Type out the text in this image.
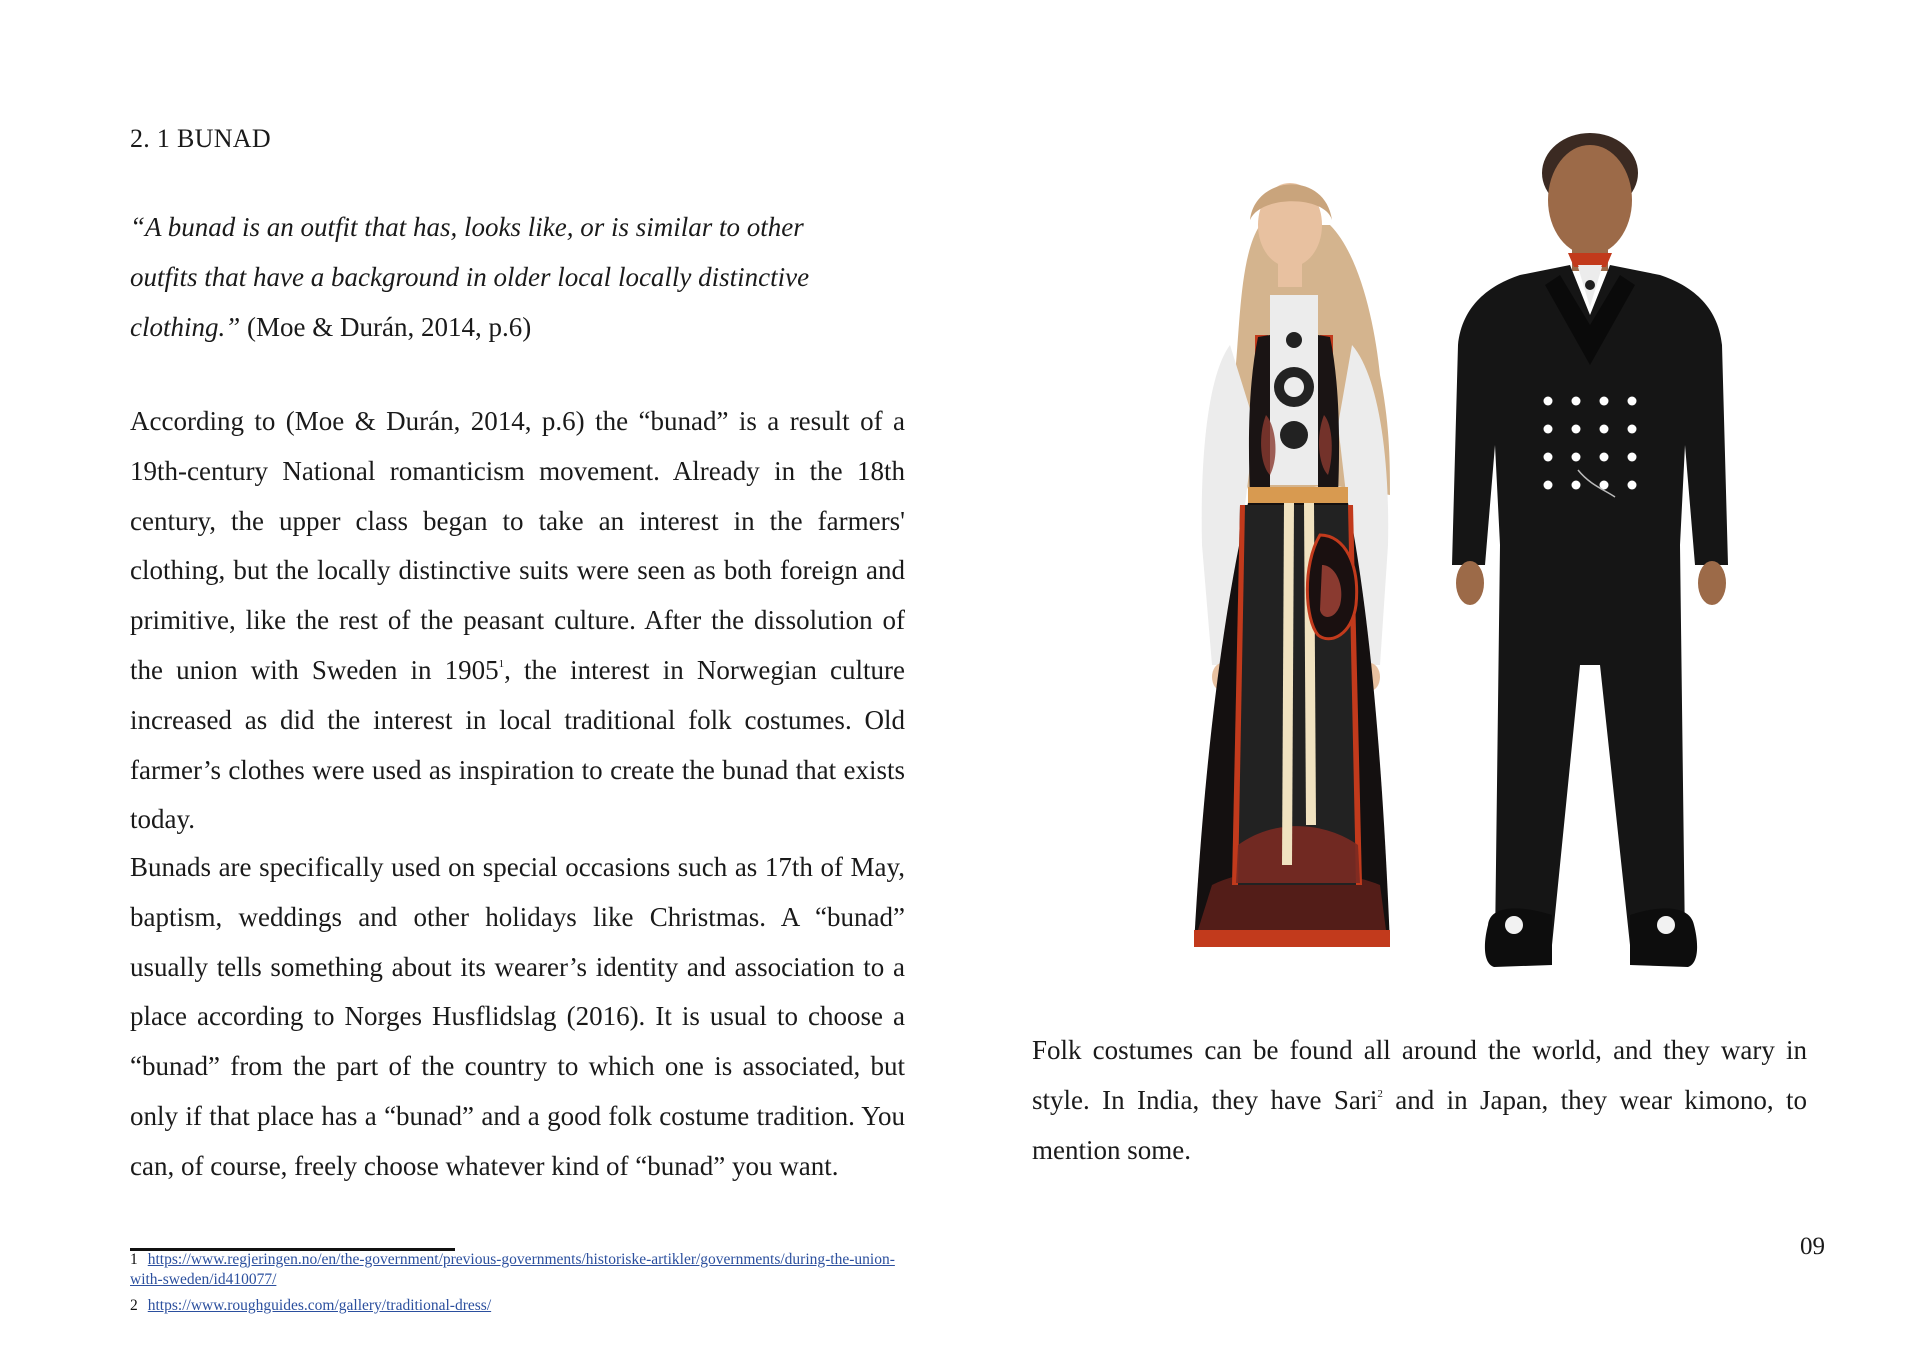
2. 1 BUNAD
“A bunad is an outfit that has, looks like, or is similar to other outfits that have a background in older local locally distinctive clothing.” (Moe & Durán, 2014, p.6)
According to (Moe & Durán, 2014, p.6) the “bunad” is a result of a 19th-century National romanticism movement. Already in the 18th century, the upper class began to take an interest in the farmers' clothing, but the locally distinctive suits were seen as both foreign and primitive, like the rest of the peasant culture. After the dissolution of the union with Sweden in 1905$^1$, the interest in Norwegian culture increased as did the interest in local traditional folk costumes. Old farmer’s clothes were used as inspiration to create the bunad that exists today.
Bunads are specifically used on special occasions such as 17th of May, baptism, weddings and other holidays like Christmas. A “bunad” usually tells something about its wearer’s identity and association to a place according to Norges Husflidslag (2016). It is usual to choose a “bunad” from the part of the country to which one is associated, but only if that place has a “bunad” and a good folk costume tradition. You can, of course, freely choose whatever kind of “bunad” you want.
Folk costumes can be found all around the world, and they wary in style. In India, they have Sari$^2$ and in Japan, they wear kimono, to mention some.
1 https://www.regjeringen.no/en/the-government/previous-governments/historiske-artikler/governments/during-the-union-with-sweden/id410077/
2 https://www.roughguides.com/gallery/traditional-dress/
09
